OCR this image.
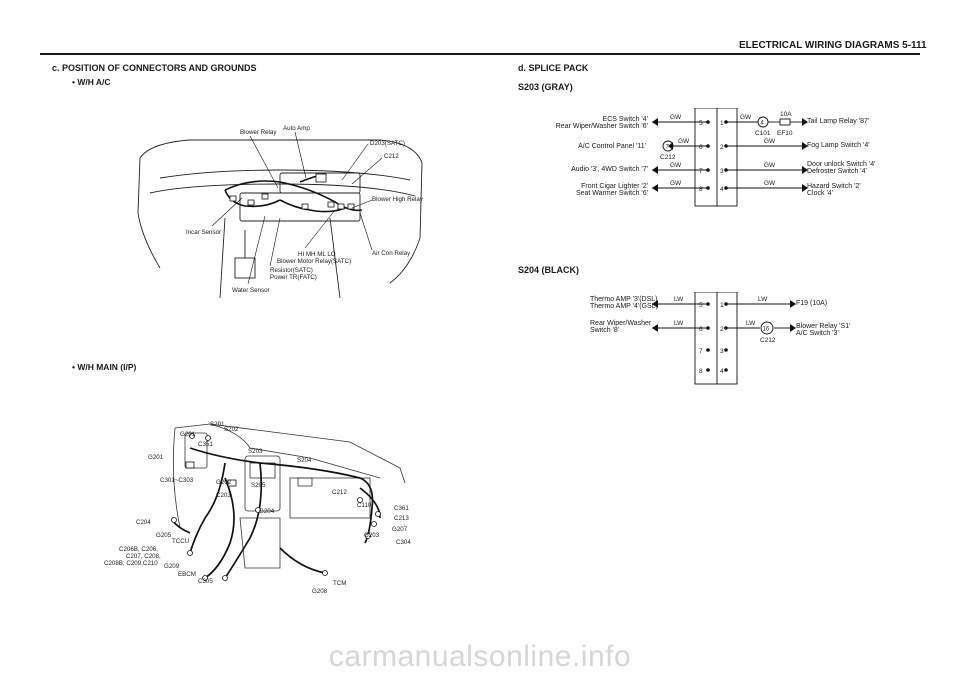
ELECTRICAL WIRING DIAGRAMS 5-111
c. POSITION OF CONNECTORS AND GROUNDS
• W/H A/C
Blower Relay
Auto Amp
D203(SATC)
C212
Blower High Relay
Incar Sensor
HI MH ML LO
Blower Motor Relay(SATC)
Air Con Relay
Resistor(SATC)
Power TR(FATC)
Water Sensor
• W/H MAIN (I/P)
S201
S202
G201
C351
S203
G201	S204
C301~C303	G202	S205
C212
C203
C110	C361
G204
C213
C204
G207
G205	G203
TCCU	C304
C206B, C206,
C207, C208,
C208B, C209,C210 G209
EBCM
TCM
C305
G208
d. SPLICE PACK
S203 (GRAY)
5
6
7
8
1
2
3
4
GW
GW
GW
GW
GW
GW
GW
GW
7
C212
4
C101
10A
EF10
ECS Switch '4'
Rear Wiper/Washer Switch '6'
A/C Control Panel '11'
Audio '3', 4WD Switch '7'
Front Cigar Lighter '2'
Seat Warmer Switch '6'
Tail Lamp Relay '87'
Fog Lamp Switch '4'
Door unlock Switch '4'
Defroster Switch '4'
Hazard Switch '2'
Clock '4'
S204 (BLACK)
5
6
7
8
1
2
3
4
LW
LW
LW
LW
16
C212
Thermo AMP '3'(DSL)
Thermo AMP '4'(GSL)
Rear Wiper/Washer
Switch '8'
F19 (10A)
Blower Relay 'S1'
A/C Switch '3'
carmanualsonline.info
